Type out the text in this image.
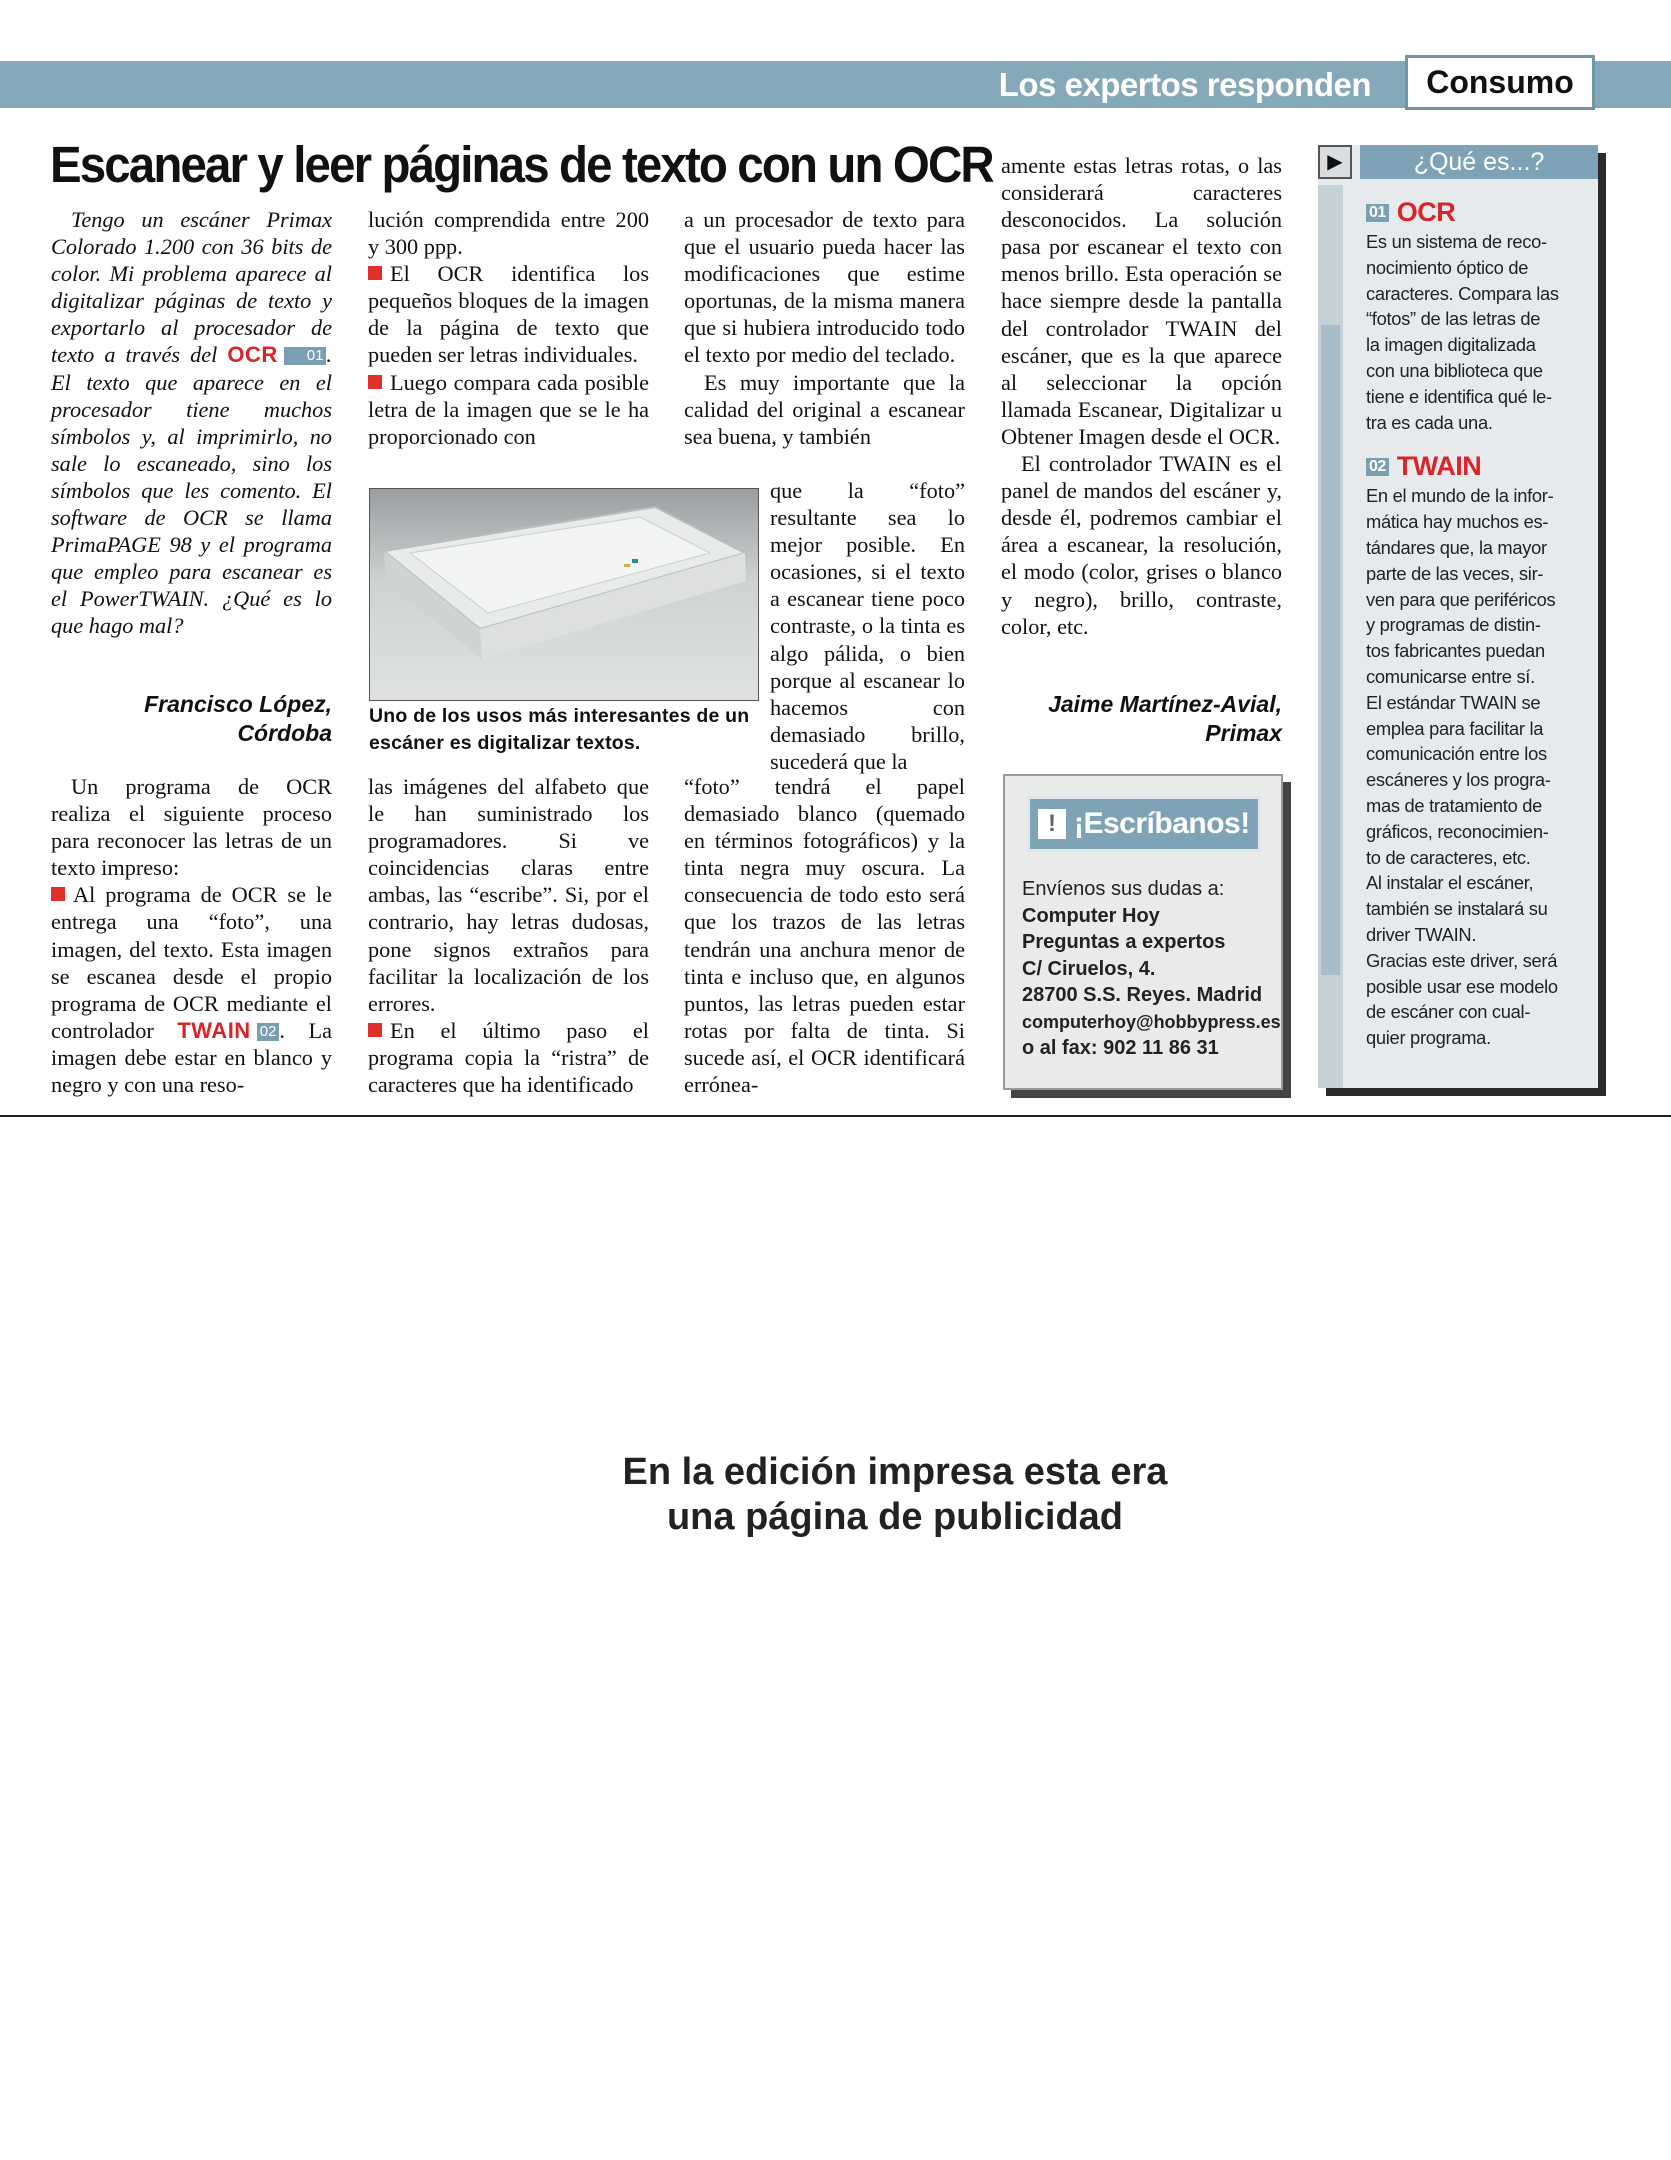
Los expertos responden	Consumo
Escanear y leer páginas de texto con un OCR

Tengo un escáner Primax Colorado 1.200 con 36 bits de color. Mi problema aparece al digitalizar páginas de texto y exportarlo al procesador de texto a través del OCR 01 . El texto que aparece en el procesador tiene muchos símbolos y, al imprimirlo, no sale lo escaneado, sino los símbolos que les comento. El software de OCR se llama PrimaPAGE 98 y el programa que empleo para escanear es el PowerTWAIN. ¿Qué es lo que hago mal?

Francisco López,
Córdoba

Un programa de OCR realiza el siguiente proceso para reconocer las letras de un texto impreso:

Al programa de OCR se le entrega una “foto”, una imagen, del texto. Esta imagen se escanea desde el propio programa de OCR mediante el controlador TWAIN 02 . La imagen debe estar en blanco y negro y con una reso-

lución comprendida entre 200 y 300 ppp.

El OCR identifica los pequeños bloques de la imagen de la página de texto que pueden ser letras individuales.

Luego compara cada posible letra de la imagen que se le ha proporcionado con

Uno de los usos más interesantes de un escáner es digitalizar textos.

las imágenes del alfabeto que le han suministrado los programadores. Si ve coincidencias claras entre ambas, las “escribe”. Si, por el contrario, hay letras dudosas, pone signos extraños para facilitar la localización de los errores.

En el último paso el programa copia la “ristra” de caracteres que ha identificado

a un procesador de texto para que el usuario pueda hacer las modificaciones que estime oportunas, de la misma manera que si hubiera introducido todo el texto por medio del teclado.

Es muy importante que la calidad del original a escanear sea buena, y también

que la “foto” resultante sea lo mejor posible. En ocasiones, si el texto a escanear tiene poco contraste, o la tinta es algo pálida, o bien porque al escanear lo hacemos con demasiado brillo, sucederá que la

“foto” tendrá el papel demasiado blanco (quemado en términos fotográficos) y la tinta negra muy oscura. La consecuencia de todo esto será que los trazos de las letras tendrán una anchura menor de tinta e incluso que, en algunos puntos, las letras pueden estar rotas por falta de tinta. Si sucede así, el OCR identificará errónea-

amente estas letras rotas, o las considerará caracteres desconocidos. La solución pasa por escanear el texto con menos brillo. Esta operación se hace siempre desde la pantalla del controlador TWAIN del escáner, que es la que aparece al seleccionar la opción llamada Escanear, Digitalizar u Obtener Imagen desde el OCR.

El controlador TWAIN es el panel de mandos del escáner y, desde él, podremos cambiar el área a escanear, la resolución, el modo (color, grises o blanco y negro), brillo, contraste, color, etc.

Jaime Martínez-Avial,
Primax
! ¡Escríbanos!
Envíenos sus dudas a:
Computer Hoy
Preguntas a expertos
C/ Ciruelos, 4.
28700 S.S. Reyes. Madrid
computerhoy@hobbypress.es
o al fax: 902 11 86 31
▶	¿Qué es...?
01 OCR
Es un sistema de reco-
nocimiento óptico de
caracteres. Compara las
“fotos” de las letras de
la imagen digitalizada
con una biblioteca que
tiene e identifica qué le-
tra es cada una.
02 TWAIN
En el mundo de la infor-
mática hay muchos es-
tándares que, la mayor
parte de las veces, sir-
ven para que periféricos
y programas de distin-
tos fabricantes puedan
comunicarse entre sí.
El estándar TWAIN se
emplea para facilitar la
comunicación entre los
escáneres y los progra-
mas de tratamiento de
gráficos, reconocimien-
to de caracteres, etc.
Al instalar el escáner,
también se instalará su
driver TWAIN.
Gracias este driver, será
posible usar ese modelo
de escáner con cual-
quier programa.
En la edición impresa esta era una página de publicidad
